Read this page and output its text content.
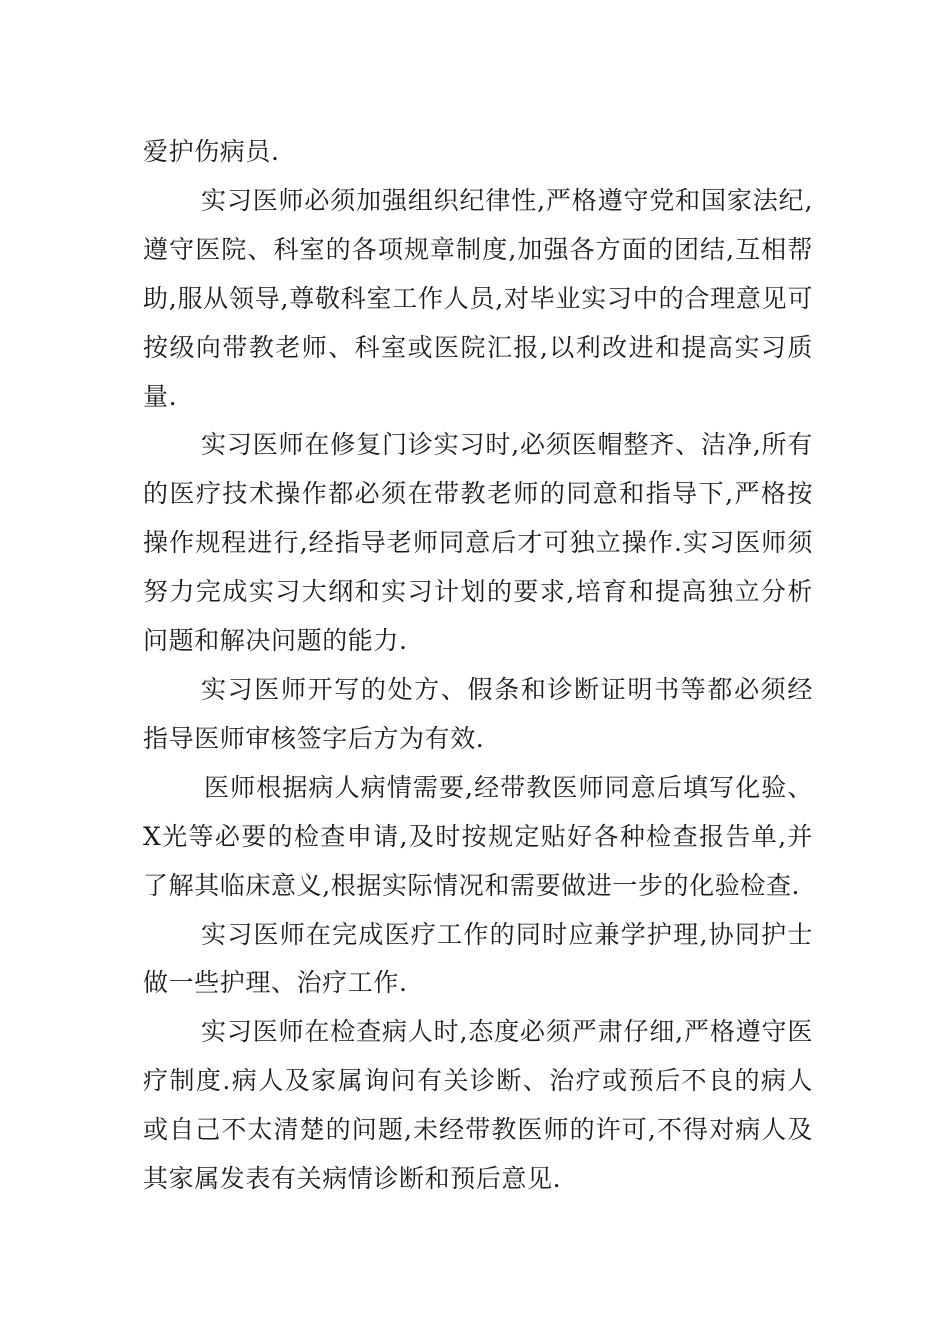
爱护伤病员.

实习医师必须加强组织纪律性,严格遵守党和国家法纪,遵守医院、科室的各项规章制度,加强各方面的团结,互相帮助,服从领导,尊敬科室工作人员,对毕业实习中的合理意见可按级向带教老师、科室或医院汇报,以利改进和提高实习质量.

实习医师在修复门诊实习时,必须医帽整齐、洁净,所有的医疗技术操作都必须在带教老师的同意和指导下,严格按操作规程进行,经指导老师同意后才可独立操作.实习医师须努力完成实习大纲和实习计划的要求,培育和提高独立分析问题和解决问题的能力.

实习医师开写的处方、假条和诊断证明书等都必须经指导医师审核签字后方为有效.

医师根据病人病情需要,经带教医师同意后填写化验、X光等必要的检查申请,及时按规定贴好各种检查报告单,并了解其临床意义,根据实际情况和需要做进一步的化验检查.

实习医师在完成医疗工作的同时应兼学护理,协同护士做一些护理、治疗工作.

实习医师在检查病人时,态度必须严肃仔细,严格遵守医疗制度.病人及家属询问有关诊断、治疗或预后不良的病人或自己不太清楚的问题,未经带教医师的许可,不得对病人及其家属发表有关病情诊断和预后意见.
